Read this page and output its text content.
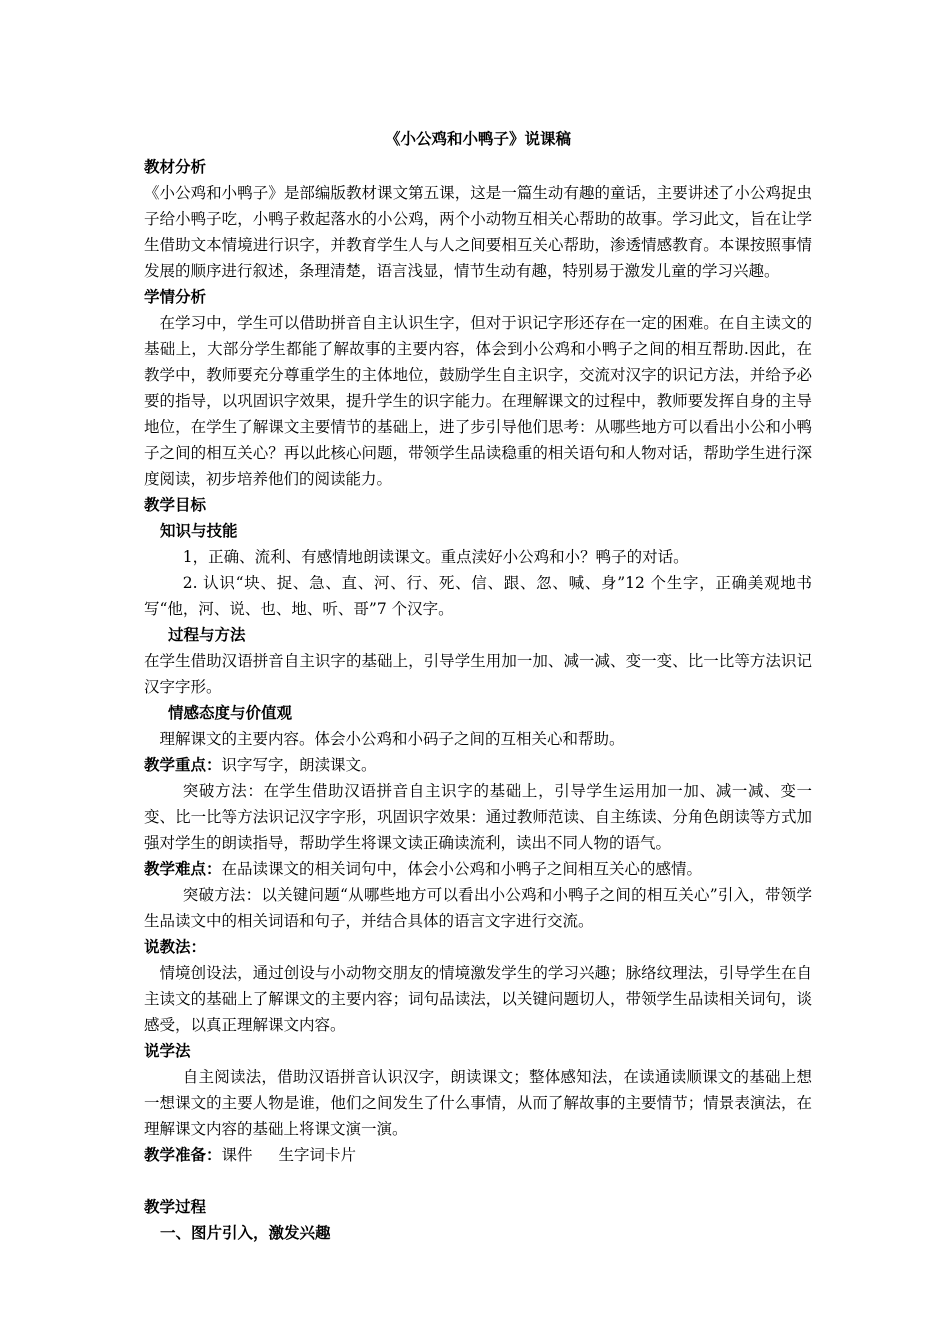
《小公鸡和小鸭子》说课稿

教材分析

《小公鸡和小鸭子》是部编版教材课文第五课，这是一篇生动有趣的童话，主要讲述了小公鸡捉虫子给小鸭子吃，小鸭子救起落水的小公鸡，两个小动物互相关心帮助的故事。学习此文，旨在让学生借助文本情境进行识字，并教育学生人与人之间要相互关心帮助，渗透情感教育。本课按照事情发展的顺序进行叙述，条理清楚，语言浅显，情节生动有趣，特别易于激发儿童的学习兴趣。

学情分析

在学习中，学生可以借助拼音自主认识生字，但对于识记字形还存在一定的困难。在自主读文的基础上，大部分学生都能了解故事的主要内容，体会到小公鸡和小鸭子之间的相互帮助.因此，在教学中，教师要充分尊重学生的主体地位，鼓励学生自主识字，交流对汉字的识记方法，并给予必要的指导，以巩固识字效果，提升学生的识字能力。在理解课文的过程中，教师要发挥自身的主导地位，在学生了解课文主要情节的基础上，进了步引导他们思考：从哪些地方可以看出小公和小鸭子之间的相互关心？再以此核心问题，带领学生品读稳重的相关语句和人物对话，帮助学生进行深度阅读，初步培养他们的阅读能力。

教学目标

知识与技能

1，正确、流利、有感情地朗读课文。重点渎好小公鸡和小？鸭子的对话。

2. 认识“块、捉、急、直、河、行、死、信、跟、忽、喊、身”12 个生字，正确美观地书写“他，河、说、也、地、听、哥”7 个汉字。

过程与方法

在学生借助汉语拼音自主识字的基础上，引导学生用加一加、减一减、变一变、比一比等方法识记汉字字形。

情感态度与价值观

理解课文的主要内容。体会小公鸡和小码子之间的互相关心和帮助。

教学重点：识字写字，朗渎课文。

突破方法：在学生借助汉语拼音自主识字的基础上，引导学生运用加一加、减一减、变一变、比一比等方法识记汉字字形，巩固识字效果：通过教师范读、自主练读、分角色朗读等方式加强对学生的朗读指导，帮助学生将课文读正确读流利，读出不同人物的语气。

教学难点：在品读课文的相关词句中，体会小公鸡和小鸭子之间相互关心的感情。

突破方法：以关键问题“从哪些地方可以看出小公鸡和小鸭子之间的相互关心”引入，带领学生品读文中的相关词语和句子，并结合具体的语言文字进行交流。

说教法：

情境创设法，通过创设与小动物交朋友的情境激发学生的学习兴趣；脉络纹理法，引导学生在自主读文的基础上了解课文的主要内容；词句品读法，以关键问题切人，带领学生品读相关词句，谈感受，以真正理解课文内容。

说学法

自主阅读法，借助汉语拼音认识汉字，朗读课文；整体感知法，在读通读顺课文的基础上想一想课文的主要人物是谁，他们之间发生了什么事情，从而了解故事的主要情节；情景表演法，在理解课文内容的基础上将课文演一演。

教学准备：课件 生字词卡片

教学过程

一、图片引入，激发兴趣
